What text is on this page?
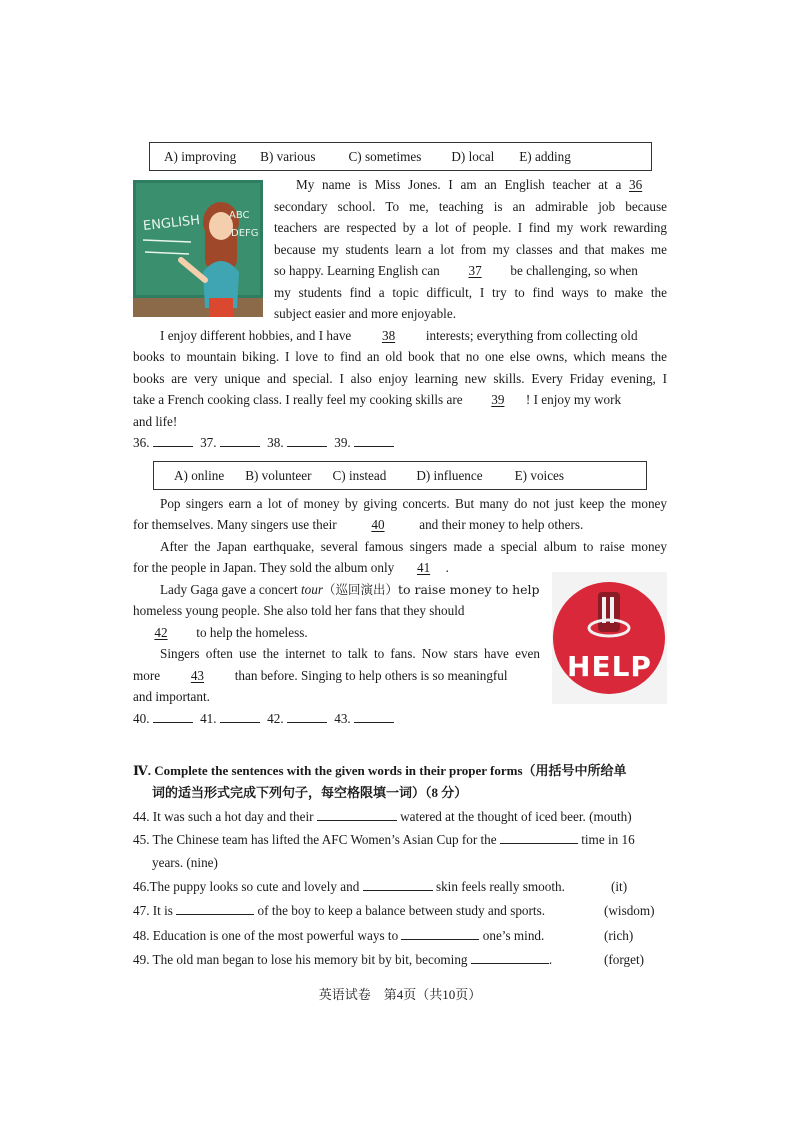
A) improving B) various	C) sometimes D) local E) adding
ENGLISH	ABC
DEFG
My name is Miss Jones. I am an English teacher at a 36
secondary school. To me, teaching is an admirable job because
teachers are respected by a lot of people. I find my work rewarding
because my students learn a lot from my classes and that makes me
so happy. Learning English can 37 be challenging, so when
my students find a topic difficult, I try to find ways to make the
subject easier and more enjoyable.
I enjoy different hobbies, and I have 38 interests; everything from collecting old
books to mountain biking. I love to find an old book that no one else owns, which means the
books are very unique and special. I also enjoy learning new skills. Every Friday evening, I
take a French cooking class. I really feel my cooking skills are 39 ! I enjoy my work
and life!
36.	37.	38.	39.
A) online B) volunteer C) instead D) influence E) voices
Pop singers earn a lot of money by giving concerts. But many do not just keep the money
for themselves. Many singers use their	40	and their money to help others.
After the Japan earthquake, several famous singers made a special album to raise money
for the people in Japan. They sold the album only 41 .
Lady Gaga gave a concert tour（巡回演出）to raise money to help
homeless young people. She also told her fans that they should
42 to help the homeless.
Singers often use the internet to talk to fans. Now stars have even
more 43 than before. Singing to help others is so meaningful
and important.
HELP
40.	41.	42.	43.
Ⅳ. Complete the sentences with the given words in their proper forms（用括号中所给单
词的适当形式完成下列句子，每空格限填一词）（8 分）
44. It was such a hot day and their	watered at the thought of iced beer. (mouth)
45. The Chinese team has lifted the AFC Women’s Asian Cup for the	time in 16
years. (nine)
46.The puppy looks so cute and lovely and	skin feels really smooth.	(it)
47. It is	of the boy to keep a balance between study and sports.	(wisdom)
48. Education is one of the most powerful ways to	one’s mind.	(rich)
49. The old man began to lose his memory bit by bit, becoming	.	(forget)
英语试卷　第4页（共10页）
